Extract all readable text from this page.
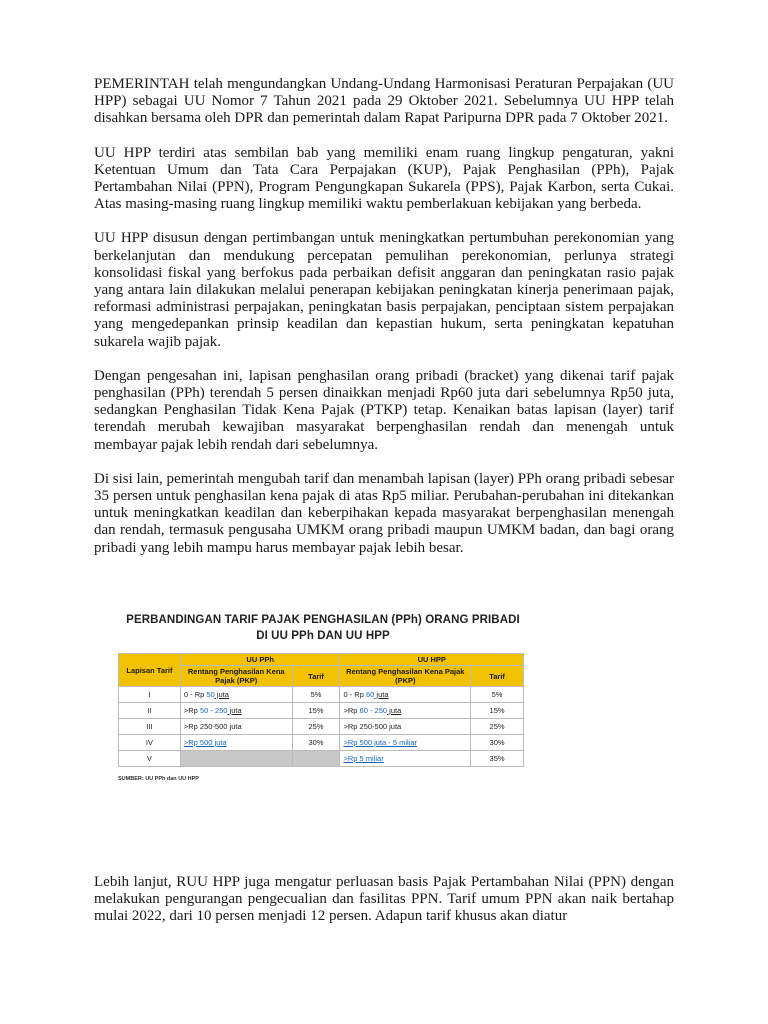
PEMERINTAH telah mengundangkan Undang-Undang Harmonisasi Peraturan Perpajakan (UU HPP) sebagai UU Nomor 7 Tahun 2021 pada 29 Oktober 2021. Sebelumnya UU HPP telah disahkan bersama oleh DPR dan pemerintah dalam Rapat Paripurna DPR pada 7 Oktober 2021.

UU HPP terdiri atas sembilan bab yang memiliki enam ruang lingkup pengaturan, yakni Ketentuan Umum dan Tata Cara Perpajakan (KUP), Pajak Penghasilan (PPh), Pajak Pertambahan Nilai (PPN), Program Pengungkapan Sukarela (PPS), Pajak Karbon, serta Cukai. Atas masing-masing ruang lingkup memiliki waktu pemberlakuan kebijakan yang berbeda.

UU HPP disusun dengan pertimbangan untuk meningkatkan pertumbuhan perekonomian yang berkelanjutan dan mendukung percepatan pemulihan perekonomian, perlunya strategi konsolidasi fiskal yang berfokus pada perbaikan defisit anggaran dan peningkatan rasio pajak yang antara lain dilakukan melalui penerapan kebijakan peningkatan kinerja penerimaan pajak, reformasi administrasi perpajakan, peningkatan basis perpajakan, penciptaan sistem perpajakan yang mengedepankan prinsip keadilan dan kepastian hukum, serta peningkatan kepatuhan sukarela wajib pajak.

Dengan pengesahan ini, lapisan penghasilan orang pribadi (bracket) yang dikenai tarif pajak penghasilan (PPh) terendah 5 persen dinaikkan menjadi Rp60 juta dari sebelumnya Rp50 juta, sedangkan Penghasilan Tidak Kena Pajak (PTKP) tetap. Kenaikan batas lapisan (layer) tarif terendah merubah kewajiban masyarakat berpenghasilan rendah dan menengah untuk membayar pajak lebih rendah dari sebelumnya.

Di sisi lain, pemerintah mengubah tarif dan menambah lapisan (layer) PPh orang pribadi sebesar 35 persen untuk penghasilan kena pajak di atas Rp5 miliar. Perubahan-perubahan ini ditekankan untuk meningkatkan keadilan dan keberpihakan kepada masyarakat berpenghasilan menengah dan rendah, termasuk pengusaha UMKM orang pribadi maupun UMKM badan, dan bagi orang pribadi yang lebih mampu harus membayar pajak lebih besar.

PERBANDINGAN TARIF PAJAK PENGHASILAN (PPh) ORANG PRIBADI
DI UU PPh DAN UU HPP
Lapisan Tarif	UU PPh		UU HPP	
	Rentang Penghasilan Kena Pajak (PKP)	Tarif	Rentang Penghasilan Kena Pajak (PKP)	Tarif
I	0 - Rp 50 juta	5%	0 - Rp 60 juta	5%
II	>Rp 50 - 250 juta	15%	>Rp 60 - 250 juta	15%
III	>Rp 250-500 juta	25%	>Rp 250-500 juta	25%
IV	>Rp 500 juta	30%	>Rp 500 juta - 5 miliar	30%
V			>Rp 5 miliar	35%
SUMBER: UU PPh dan UU HPP

Lebih lanjut, RUU HPP juga mengatur perluasan basis Pajak Pertambahan Nilai (PPN) dengan melakukan pengurangan pengecualian dan fasilitas PPN. Tarif umum PPN akan naik bertahap mulai 2022, dari 10 persen menjadi 12 persen. Adapun tarif khusus akan diatur
